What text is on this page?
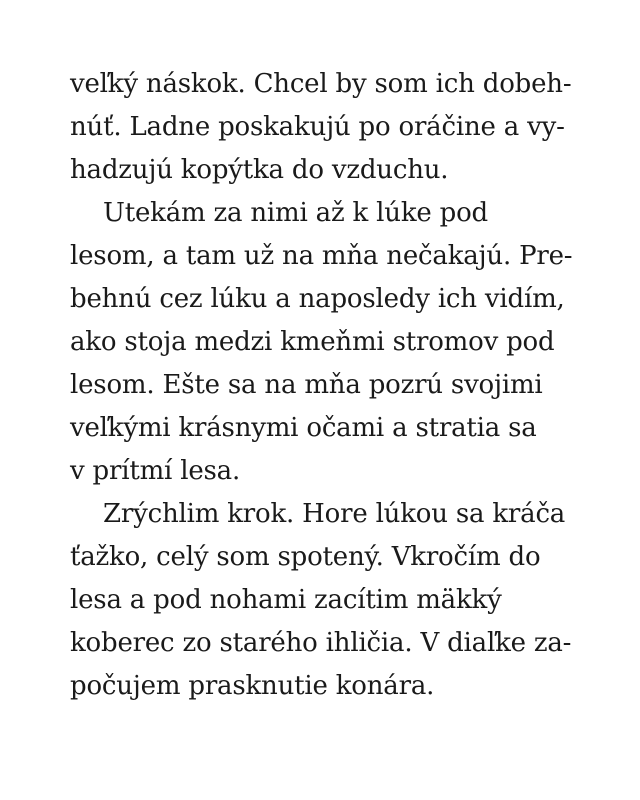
veľký náskok. Chcel by som ich dobeh-
núť. Ladne poskakujú po oráčine a vy-
hadzujú kopýtka do vzduchu.
Utekám za nimi až k lúke pod
lesom, a tam už na mňa nečakajú. Pre-
behnú cez lúku a naposledy ich vidím,
ako stoja medzi kmeňmi stromov pod
lesom. Ešte sa na mňa pozrú svojimi
veľkými krásnymi očami a stratia sa
v prítmí lesa.
Zrýchlim krok. Hore lúkou sa kráča
ťažko, celý som spotený. Vkročím do
lesa a pod nohami zacítim mäkký
koberec zo starého ihličia. V diaľke za-
počujem prasknutie konára.
